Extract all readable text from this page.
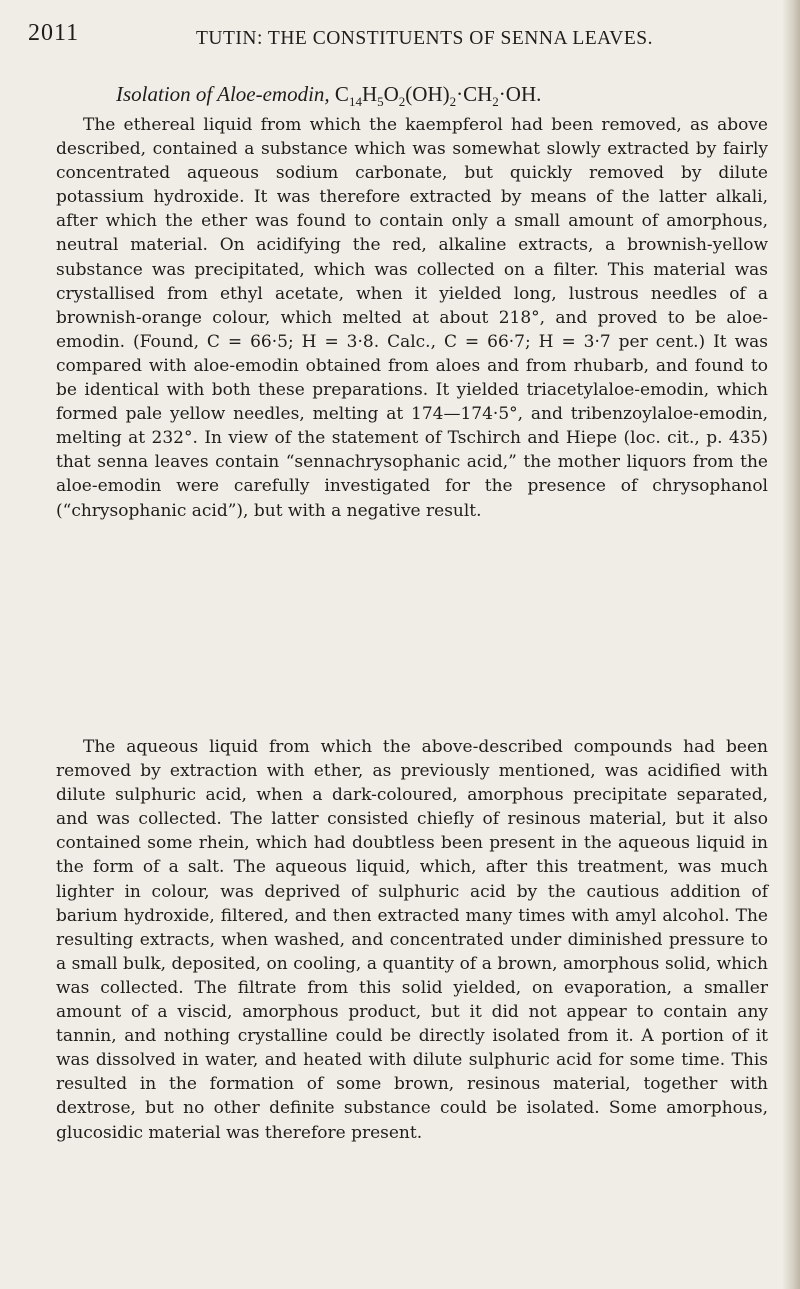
2011	TUTIN: THE CONSTITUENTS OF SENNA LEAVES.
Isolation of Aloe-emodin, $C_{14}H_5O_2(OH)_2\cdot CH_2\cdot OH$.

The ethereal liquid from which the kaempferol had been removed, as above described, contained a substance which was somewhat slowly extracted by fairly concentrated aqueous sodium carbonate, but quickly removed by dilute potassium hydroxide. It was therefore extracted by means of the latter alkali, after which the ether was found to contain only a small amount of amorphous, neutral material. On acidifying the red, alkaline extracts, a brownish-yellow substance was precipitated, which was collected on a filter. This material was crystallised from ethyl acetate, when it yielded long, lustrous needles of a brownish-orange colour, which melted at about 218°, and proved to be aloe-emodin. (Found, C = 66·5; H = 3·8. Calc., C = 66·7; H = 3·7 per cent.) It was compared with aloe-emodin obtained from aloes and from rhubarb, and found to be identical with both these preparations. It yielded triacetylaloe-emodin, which formed pale yellow needles, melting at 174—174·5°, and tribenzoylaloe-emodin, melting at 232°. In view of the statement of Tschirch and Hiepe (loc. cit., p. 435) that senna leaves contain “sennachrysophanic acid,” the mother liquors from the aloe-emodin were carefully investigated for the presence of chrysophanol (“chrysophanic acid”), but with a negative result.

The aqueous liquid from which the above-described compounds had been removed by extraction with ether, as previously mentioned, was acidified with dilute sulphuric acid, when a dark-coloured, amorphous precipitate separated, and was collected. The latter consisted chiefly of resinous material, but it also contained some rhein, which had doubtless been present in the aqueous liquid in the form of a salt. The aqueous liquid, which, after this treatment, was much lighter in colour, was deprived of sulphuric acid by the cautious addition of barium hydroxide, filtered, and then extracted many times with amyl alcohol. The resulting extracts, when washed, and concentrated under diminished pressure to a small bulk, deposited, on cooling, a quantity of a brown, amorphous solid, which was collected. The filtrate from this solid yielded, on evaporation, a smaller amount of a viscid, amorphous product, but it did not appear to contain any tannin, and nothing crystalline could be directly isolated from it. A portion of it was dissolved in water, and heated with dilute sulphuric acid for some time. This resulted in the formation of some brown, resinous material, together with dextrose, but no other definite substance could be isolated. Some amorphous, glucosidic material was therefore present.
